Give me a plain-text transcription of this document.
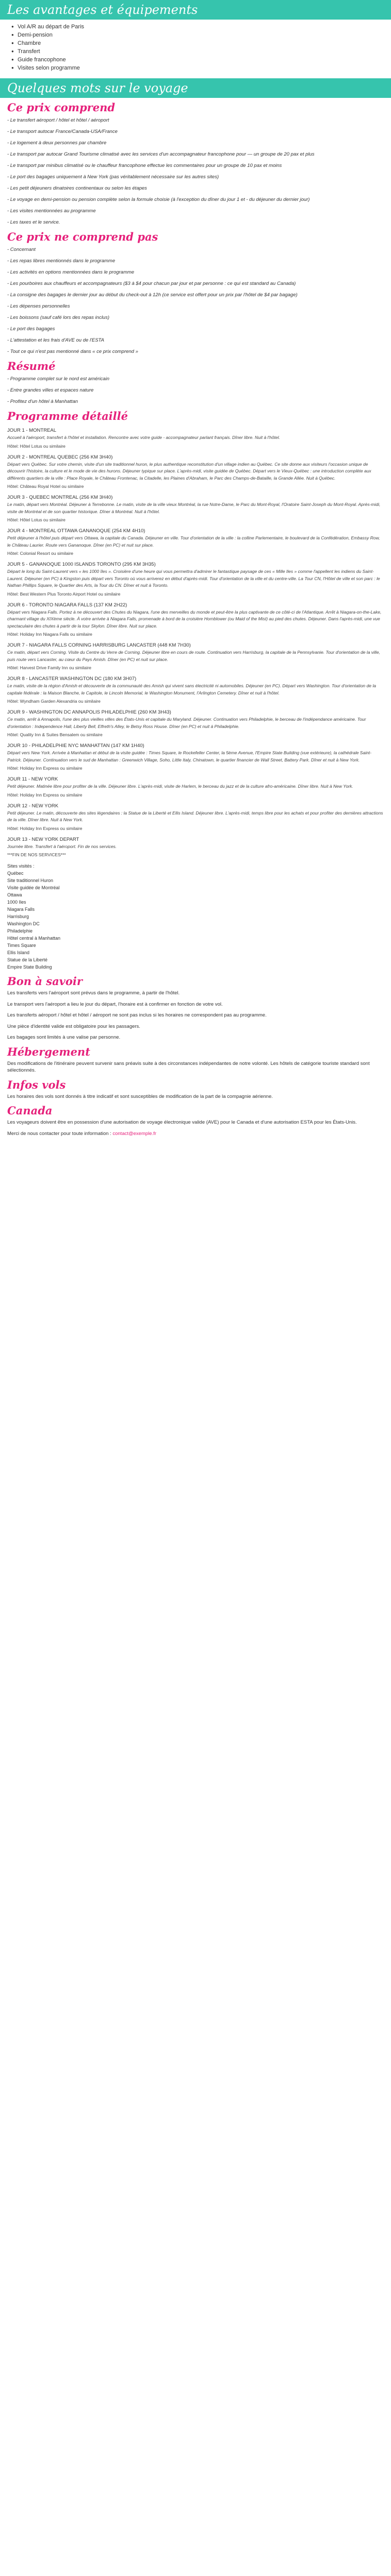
Les avantages et équipements
● Vol A/R au départ de Paris
● Demi-pension
● Chambre
● Transfert
● Guide francophone
● Visites selon programme
Quelques mots sur le voyage
Ce prix comprend
- Le transfert aéroport / hôtel et hôtel / aéroport
- Le transport autocar France/Canada-USA/France
- Le logement à deux personnes par chambre
- Le transport par autocar Grand Tourisme climatisé avec les services d'un accompagnateur francophone pour — un groupe de 20 pax et plus
- Le transport par minibus climatisé ou le chauffeur francophone effectue les commentaires pour un groupe de 10 pax et moins
- Le port des bagages uniquement à New York (pas véritablement nécessaire sur les autres sites)
- Les petit déjeuners dinatoires continentaux ou selon les étapes
- Le voyage en demi-pension ou pension complète selon la formule choisie (à l'exception du dîner du jour 1 et - du déjeuner du dernier jour)
- Les visites mentionnées au programme
- Les taxes et le service.
Ce prix ne comprend pas
- Concernant
- Les repas libres mentionnés dans le programme
- Les activités en options mentionnées dans le programme
- Les pourboires aux chauffeurs et accompagnateurs ($3 à $4 pour chacun par jour et par personne : ce qui est standard au Canada)
- La consigne des bagages le dernier jour au début du check-out à 12h (ce service est offert pour un prix par l'hôtel de $4 par bagage)
- Les dépenses personnelles
- Les boissons (sauf café lors des repas inclus)
- Le port des bagages
- L'attestation et les frais d'AVE ou de l'ESTA
- Tout ce qui n'est pas mentionné dans « ce prix comprend »
Résumé
- Programme complet sur le nord est américain
- Entre grandes villes et espaces nature
- Profitez d'un hôtel à Manhattan
Programme détaillé
JOUR 1 - MONTREAL
Accueil à l'aéroport, transfert à l'hôtel et installation. Rencontre avec votre guide - accompagnateur parlant français. Dîner libre. Nuit à l'hôtel.
Hôtel: Hôtel Lotus ou similaire
JOUR 2 - MONTREAL QUEBEC (256 KM 3H40)
Départ vers Québec. Sur votre chemin, visite d'un site traditionnel huron, le plus authentique reconstitution d'un village indien au Québec. Ce site donne aux visiteurs l'occasion unique de découvrir l'histoire, la culture et le mode de vie des hurons. Déjeuner typique sur place. L'après-midi, visite guidée de Québec. Départ vers le Vieux-Québec : une introduction complète aux différents quartiers de la ville : Place Royale, le Château Frontenac, la Citadelle, les Plaines d'Abraham, le Parc des Champs-de-Bataille, la Grande Allée. Nuit à Québec.
Hôtel: Château Royal Hotel ou similaire
JOUR 3 - QUEBEC MONTREAL (256 KM 3H40)
Le matin, départ vers Montréal. Déjeuner à Terrebonne. Le matin, visite de la ville vieux Montréal, la rue Notre-Dame, le Parc du Mont-Royal, l'Oratoire Saint-Joseph du Mont-Royal. Après-midi, visite de Montréal et de son quartier historique. Dîner à Montréal. Nuit à l'hôtel.
Hôtel: Hôtel Lotus ou similaire
JOUR 4 - MONTREAL OTTAWA GANANOQUE (254 KM 4H10)
Petit déjeuner à l'hôtel puis départ vers Ottawa, la capitale du Canada. Déjeuner en ville. Tour d'orientation de la ville : la colline Parlementaire, le boulevard de la Confédération, Embassy Row, le Château Laurier. Route vers Gananoque. Dîner (en PC) et nuit sur place.
Hôtel: Colonial Resort ou similaire
JOUR 5 - GANANOQUE 1000 ISLANDS TORONTO (295 KM 3H35)
Départ le long du Saint-Laurent vers « les 1000 îles ». Croisière d'une heure qui vous permettra d'admirer le fantastique paysage de ces « Mille Iles » comme l'appellent les indiens du Saint-Laurent. Déjeuner (en PC) à Kingston puis départ vers Toronto où vous arriverez en début d'après-midi. Tour d'orientation de la ville et du centre-ville. La Tour CN, l'Hôtel de ville et son parc : le Nathan Phillips Square, le Quartier des Arts, la Tour du CN. Dîner et nuit à Toronto.
Hôtel: Best Western Plus Toronto Airport Hotel ou similaire
JOUR 6 - TORONTO NIAGARA FALLS (137 KM 2H22)
Départ vers Niagara Falls. Portez à ne découvert des Chutes du Niagara, l'une des merveilles du monde et peut-être la plus captivante de ce côté-ci de l'Atlantique. Arrêt à Niagara-on-the-Lake, charmant village du XIXème siècle. À votre arrivée à Niagara Falls, promenade à bord de la croisière Hornblower (ou Maid of the Mist) au pied des chutes. Déjeuner. Dans l'après-midi, une vue spectaculaire des chutes à partir de la tour Skylon. Dîner libre. Nuit sur place.
Hôtel: Holiday Inn Niagara Falls ou similaire
JOUR 7 - NIAGARA FALLS CORNING HARRISBURG LANCASTER (448 KM 7H30)
Ce matin, départ vers Corning. Visite du Centre du Verre de Corning. Déjeuner libre en cours de route. Continuation vers Harrisburg, la capitale de la Pennsylvanie. Tour d'orientation de la ville, puis route vers Lancaster, au cœur du Pays Amish. Dîner (en PC) et nuit sur place.
Hôtel: Harvest Drive Family Inn ou similaire
JOUR 8 - LANCASTER WASHINGTON DC (180 KM 3H07)
Le matin, visite de la région d'Amish et découverte de la communauté des Amish qui vivent sans électricité ni automobiles. Déjeuner (en PC). Départ vers Washington. Tour d'orientation de la capitale fédérale : la Maison Blanche, le Capitole, le Lincoln Memorial, le Washington Monument, l'Arlington Cemetery. Dîner et nuit à l'hôtel.
Hôtel: Wyndham Garden Alexandria ou similaire
JOUR 9 - WASHINGTON DC ANNAPOLIS PHILADELPHIE (260 KM 3H43)
Ce matin, arrêt à Annapolis, l'une des plus vieilles villes des États-Unis et capitale du Maryland. Déjeuner. Continuation vers Philadelphie, le berceau de l'indépendance américaine. Tour d'orientation : Independence Hall, Liberty Bell, Elfreth's Alley, le Betsy Ross House. Dîner (en PC) et nuit à Philadelphie.
Hôtel: Quality Inn & Suites Bensalem ou similaire
JOUR 10 - PHILADELPHIE NYC MANHATTAN (147 KM 1H40)
Départ vers New York. Arrivée à Manhattan et début de la visite guidée : Times Square, le Rockefeller Center, la 5ème Avenue, l'Empire State Building (vue extérieure), la cathédrale Saint-Patrick. Déjeuner. Continuation vers le sud de Manhattan : Greenwich Village, Soho, Little Italy, Chinatown, le quartier financier de Wall Street, Battery Park. Dîner et nuit à New York.
Hôtel: Holiday Inn Express ou similaire
JOUR 11 - NEW YORK
Petit déjeuner. Matinée libre pour profiter de la ville. Déjeuner libre. L'après-midi, visite de Harlem, le berceau du jazz et de la culture afro-américaine. Dîner libre. Nuit à New York.
Hôtel: Holiday Inn Express ou similaire
JOUR 12 - NEW YORK
Petit déjeuner. Le matin, découverte des sites légendaires : la Statue de la Liberté et Ellis Island. Déjeuner libre. L'après-midi, temps libre pour les achats et pour profiter des dernières attractions de la ville. Dîner libre. Nuit à New York.
Hôtel: Holiday Inn Express ou similaire
JOUR 13 - NEW YORK DEPART
Journée libre. Transfert à l'aéroport. Fin de nos services.
***FIN DE NOS SERVICES***
Sites visités :
Québec
Site traditionnel Huron
Visite guidée de Montréal
Ottawa
1000 Iles
Niagara Falls
Harrisburg
Washington DC
Philadelphie
Hôtel central à Manhattan
Times Square
Ellis Island
Statue de la Liberté
Empire State Building
Bon à savoir
Les transferts vers l'aéroport sont prévus dans le programme, à partir de l'hôtel.
Le transport vers l'aéroport a lieu le jour du départ, l'horaire est à confirmer en fonction de votre vol.
Les transferts aéroport / hôtel et hôtel / aéroport ne sont pas inclus si les horaires ne correspondent pas au programme.
Une pièce d'identité valide est obligatoire pour les passagers.
Les bagages sont limités à une valise par personne.
Hébergement
Des modifications de l'itinéraire peuvent survenir sans préavis suite à des circonstances indépendantes de notre volonté. Les hôtels de catégorie touriste standard sont sélectionnés.
Infos vols
Les horaires des vols sont donnés à titre indicatif et sont susceptibles de modification de la part de la compagnie aérienne.
Canada
Les voyageurs doivent être en possession d'une autorisation de voyage électronique valide (AVE) pour le Canada et d'une autorisation ESTA pour les États-Unis.
Merci de nous contacter pour toute information : contact@exemple.fr
